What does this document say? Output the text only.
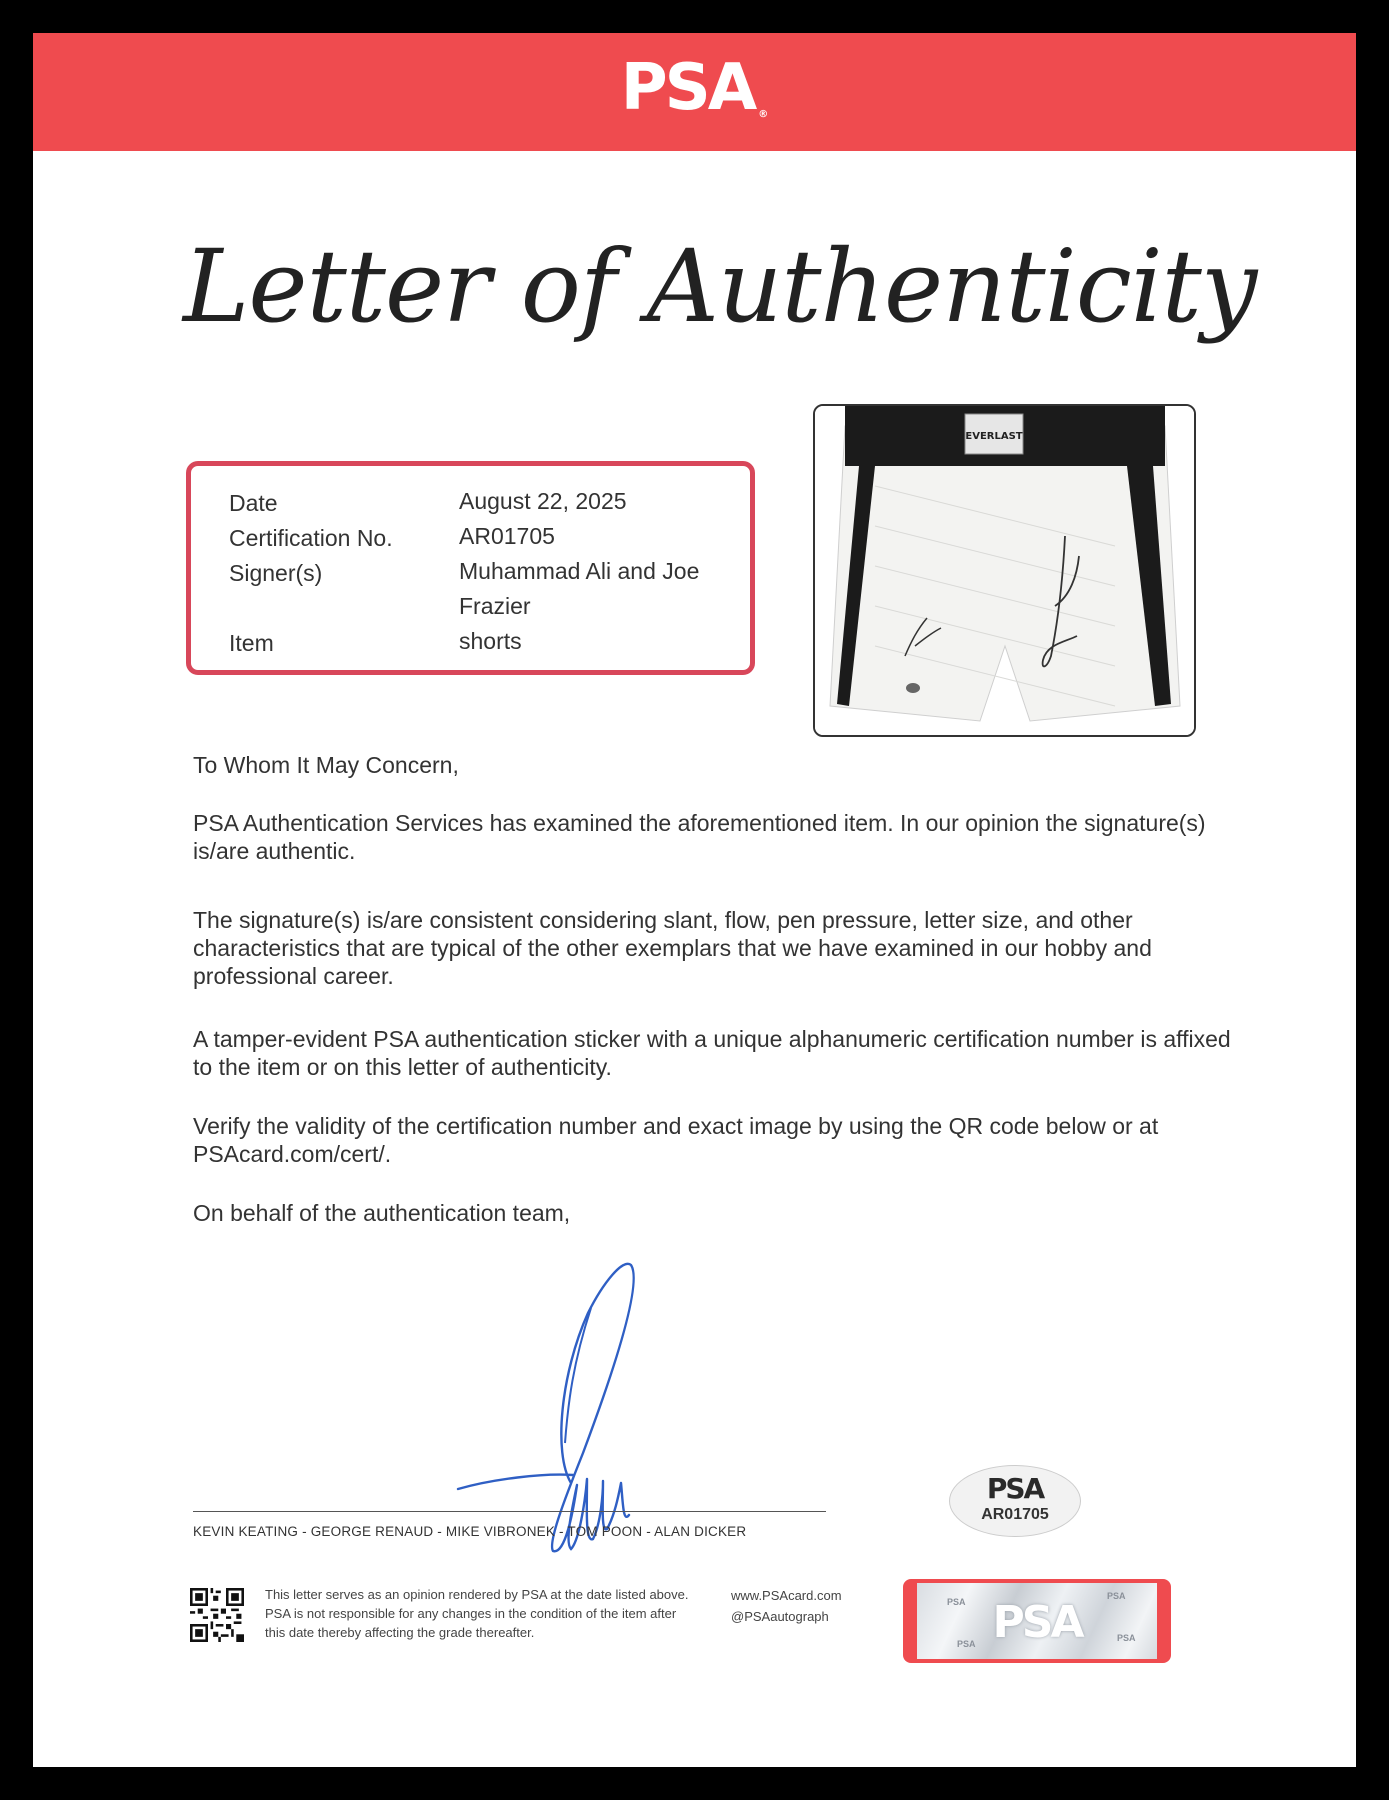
PSA ®
Letter of Authenticity
Date	August 22, 2025
Certification No.	AR01705
Signer(s)	Muhammad Ali and Joe Frazier
Item	shorts
EVERLAST
To Whom It May Concern,
PSA Authentication Services has examined the aforementioned item. In our opinion the signature(s) is/are authentic.
The signature(s) is/are consistent considering slant, flow, pen pressure, letter size, and other characteristics that are typical of the other exemplars that we have examined in our hobby and professional career.
A tamper-evident PSA authentication sticker with a unique alphanumeric certification number is affixed to the item or on this letter of authenticity.
Verify the validity of the certification number and exact image by using the QR code below or at PSAcard.com/cert/.
On behalf of the authentication team,
KEVIN KEATING - GEORGE RENAUD - MIKE VIBRONEK - TOM POON - ALAN DICKER
PSA
AR01705
This letter serves as an opinion rendered by PSA at the date listed above. PSA is not responsible for any changes in the condition of the item after this date thereby affecting the grade thereafter.
www.PSAcard.com
@PSAautograph
PSA
PSA
PSA
PSA PSA
